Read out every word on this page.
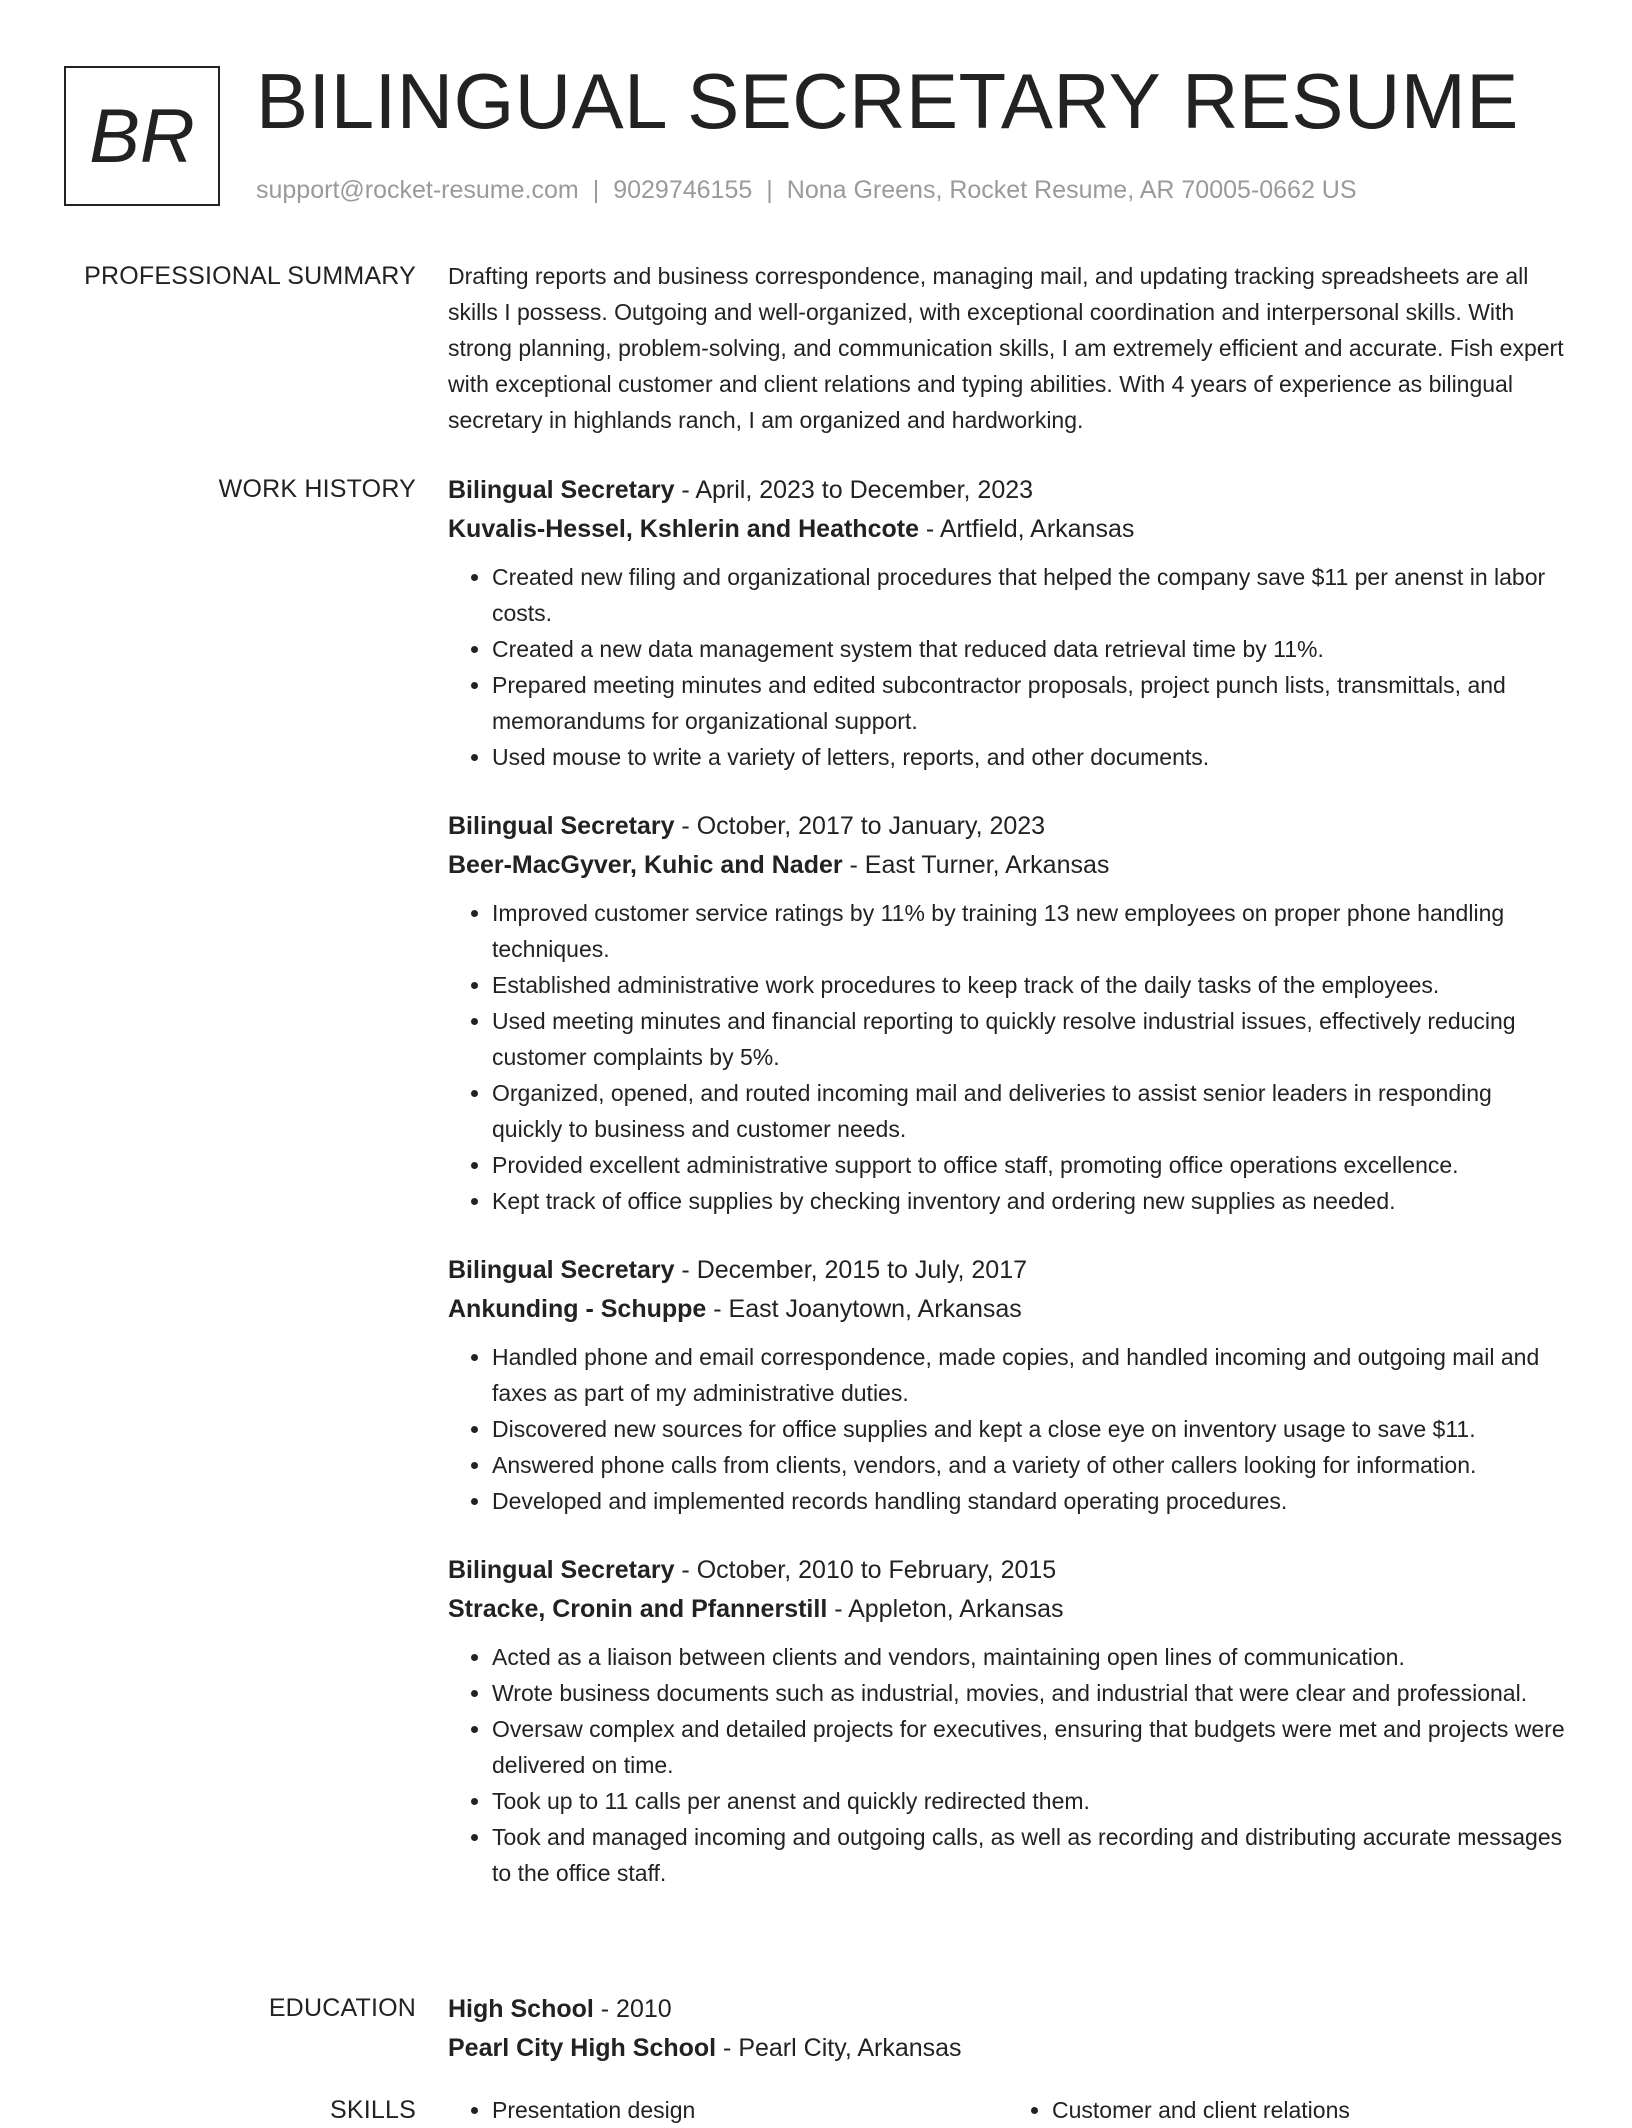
BR BILINGUAL SECRETARY RESUME
support@rocket-resume.com | 9029746155 | Nona Greens, Rocket Resume, AR 70005-0662 US
PROFESSIONAL SUMMARY Drafting reports and business correspondence, managing mail, and updating tracking spreadsheets are all skills I possess. Outgoing and well-organized, with exceptional coordination and interpersonal skills. With strong planning, problem-solving, and communication skills, I am extremely efficient and accurate. Fish expert with exceptional customer and client relations and typing abilities. With 4 years of experience as bilingual secretary in highlands ranch, I am organized and hardworking.

WORK HISTORY Bilingual Secretary - April, 2023 to December, 2023
Kuvalis-Hessel, Kshlerin and Heathcote - Artfield, Arkansas
• Created new filing and organizational procedures that helped the company save $11 per anenst in labor costs.
• Created a new data management system that reduced data retrieval time by 11%.
• Prepared meeting minutes and edited subcontractor proposals, project punch lists, transmittals, and memorandums for organizational support.
• Used mouse to write a variety of letters, reports, and other documents.
Bilingual Secretary - October, 2017 to January, 2023
Beer-MacGyver, Kuhic and Nader - East Turner, Arkansas
• Improved customer service ratings by 11% by training 13 new employees on proper phone handling techniques.
• Established administrative work procedures to keep track of the daily tasks of the employees.
• Used meeting minutes and financial reporting to quickly resolve industrial issues, effectively reducing customer complaints by 5%.
• Organized, opened, and routed incoming mail and deliveries to assist senior leaders in responding quickly to business and customer needs.
• Provided excellent administrative support to office staff, promoting office operations excellence.
• Kept track of office supplies by checking inventory and ordering new supplies as needed.
Bilingual Secretary - December, 2015 to July, 2017
Ankunding - Schuppe - East Joanytown, Arkansas
• Handled phone and email correspondence, made copies, and handled incoming and outgoing mail and faxes as part of my administrative duties.
• Discovered new sources for office supplies and kept a close eye on inventory usage to save $11.
• Answered phone calls from clients, vendors, and a variety of other callers looking for information.
• Developed and implemented records handling standard operating procedures.
Bilingual Secretary - October, 2010 to February, 2015
Stracke, Cronin and Pfannerstill - Appleton, Arkansas
• Acted as a liaison between clients and vendors, maintaining open lines of communication.
• Wrote business documents such as industrial, movies, and industrial that were clear and professional.
• Oversaw complex and detailed projects for executives, ensuring that budgets were met and projects were delivered on time.
• Took up to 11 calls per anenst and quickly redirected them.
• Took and managed incoming and outgoing calls, as well as recording and distributing accurate messages to the office staff.
EDUCATION High School - 2010
Pearl City High School - Pearl City, Arkansas
SKILLS	• Presentation design	• Customer and client relations
